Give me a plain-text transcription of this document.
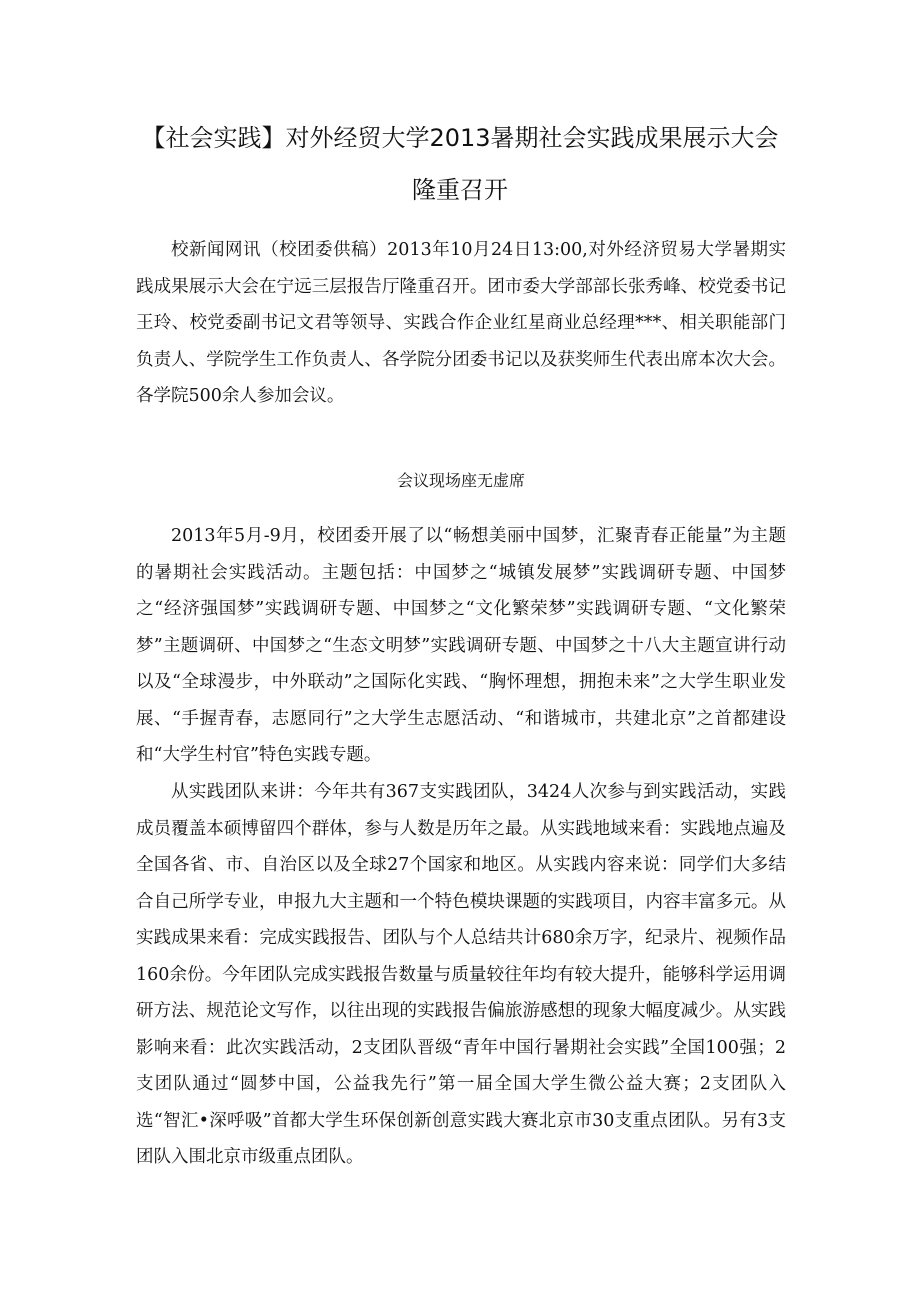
【社会实践】对外经贸大学2013暑期社会实践成果展示大会
隆重召开

校新闻网讯（校团委供稿）2013年10月24日13:00,对外经济贸易大学暑期实践成果展示大会在宁远三层报告厅隆重召开。团市委大学部部长张秀峰、校党委书记王玲、校党委副书记文君等领导、实践合作企业红星商业总经理***、相关职能部门负责人、学院学生工作负责人、各学院分团委书记以及获奖师生代表出席本次大会。各学院500余人参加会议。

会议现场座无虚席

2013年5月-9月，校团委开展了以“畅想美丽中国梦，汇聚青春正能量”为主题的暑期社会实践活动。主题包括：中国梦之“城镇发展梦”实践调研专题、中国梦之“经济强国梦”实践调研专题、中国梦之“文化繁荣梦”实践调研专题、“文化繁荣梦”主题调研、中国梦之“生态文明梦”实践调研专题、中国梦之十八大主题宣讲行动以及“全球漫步，中外联动”之国际化实践、“胸怀理想，拥抱未来”之大学生职业发展、“手握青春，志愿同行”之大学生志愿活动、“和谐城市，共建北京”之首都建设和“大学生村官”特色实践专题。

从实践团队来讲：今年共有367支实践团队，3424人次参与到实践活动，实践成员覆盖本硕博留四个群体，参与人数是历年之最。从实践地域来看：实践地点遍及全国各省、市、自治区以及全球27个国家和地区。从实践内容来说：同学们大多结合自己所学专业，申报九大主题和一个特色模块课题的实践项目，内容丰富多元。从实践成果来看：完成实践报告、团队与个人总结共计680余万字，纪录片、视频作品160余份。今年团队完成实践报告数量与质量较往年均有较大提升，能够科学运用调研方法、规范论文写作，以往出现的实践报告偏旅游感想的现象大幅度减少。从实践影响来看：此次实践活动，2支团队晋级“青年中国行暑期社会实践”全国100强；2支团队通过“圆梦中国，公益我先行”第一届全国大学生微公益大赛；2支团队入选“智汇•深呼吸”首都大学生环保创新创意实践大赛北京市30支重点团队。另有3支团队入围北京市级重点团队。
